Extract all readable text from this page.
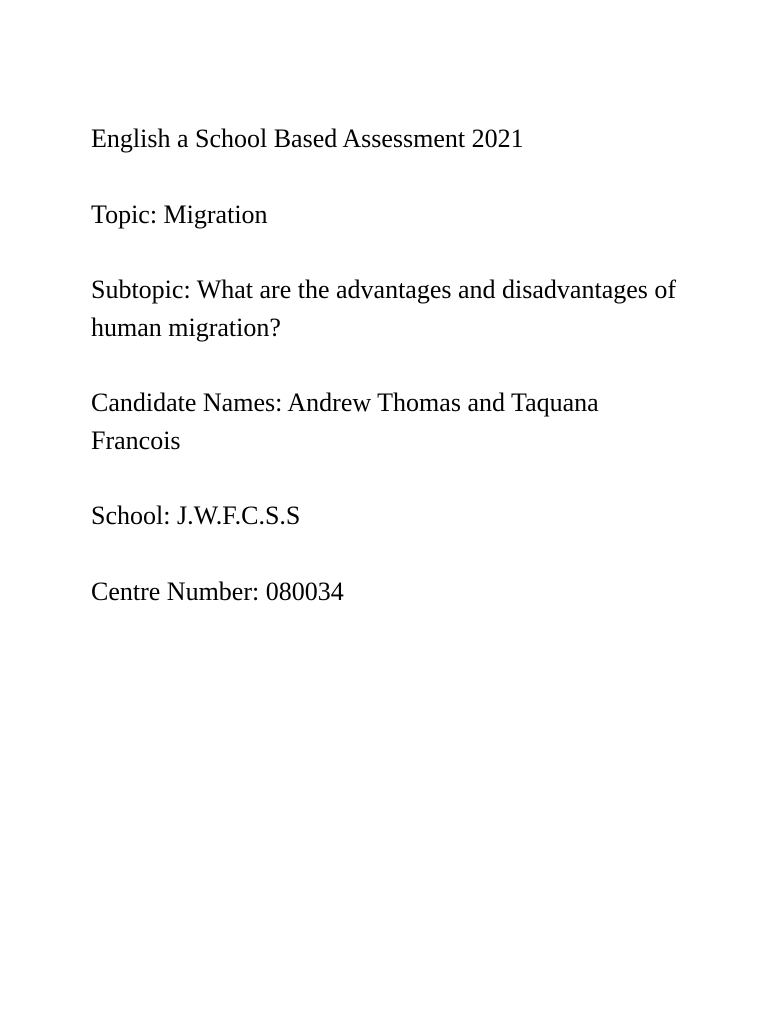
English a School Based Assessment 2021

Topic: Migration

Subtopic: What are the advantages and disadvantages of human migration?

Candidate Names: Andrew Thomas and Taquana Francois

School: J.W.F.C.S.S

Centre Number: 080034
